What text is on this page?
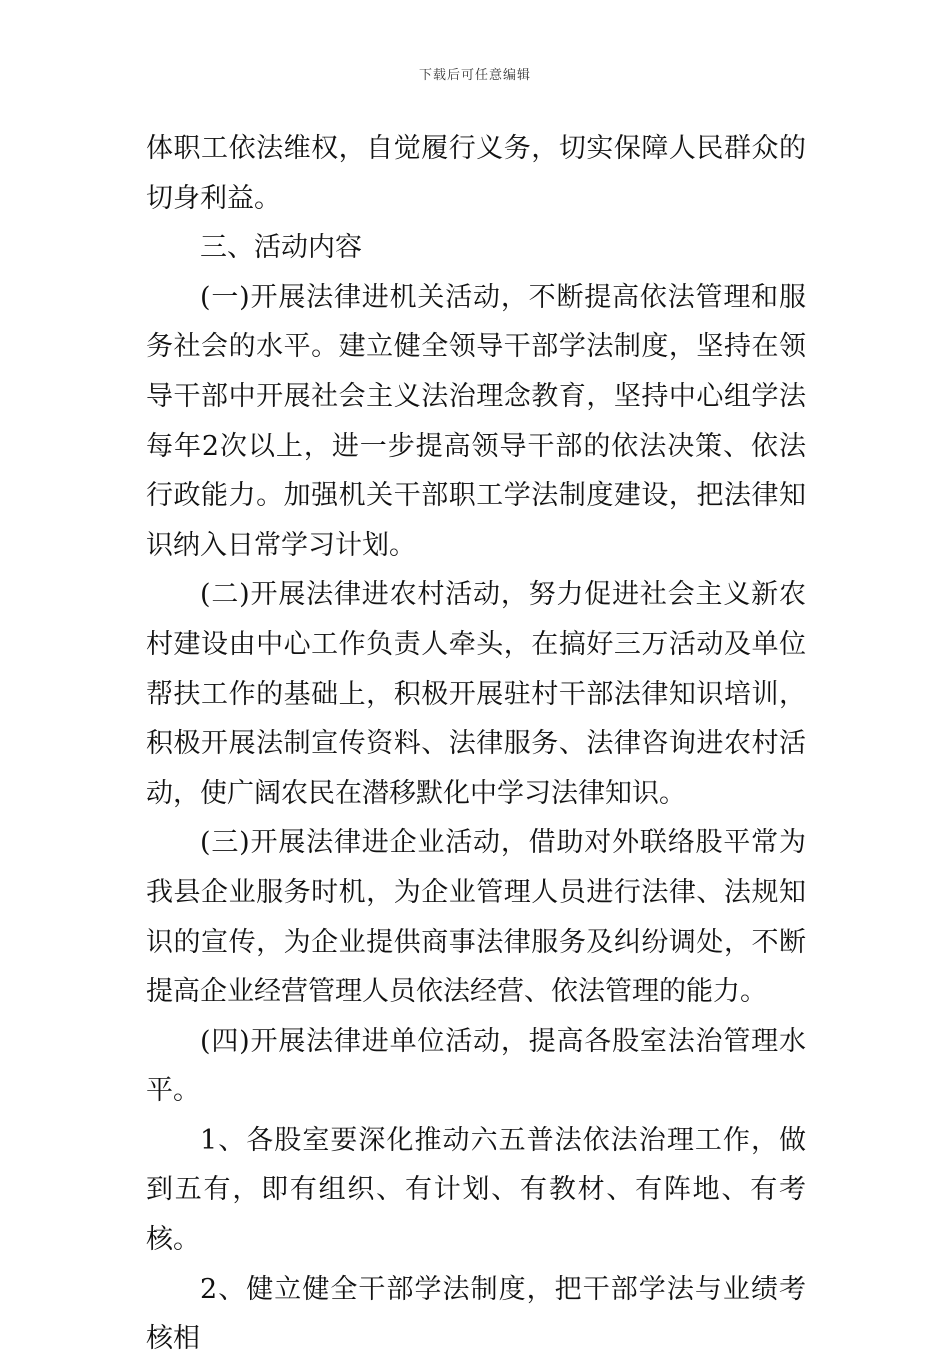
下载后可任意编辑

体职工依法维权，自觉履行义务，切实保障人民群众的切身利益。

三、活动内容

(一)开展法律进机关活动，不断提高依法管理和服务社会的水平。建立健全领导干部学法制度，坚持在领导干部中开展社会主义法治理念教育，坚持中心组学法每年2次以上，进一步提高领导干部的依法决策、依法行政能力。加强机关干部职工学法制度建设，把法律知识纳入日常学习计划。

(二)开展法律进农村活动，努力促进社会主义新农村建设由中心工作负责人牵头，在搞好三万活动及单位帮扶工作的基础上，积极开展驻村干部法律知识培训，积极开展法制宣传资料、法律服务、法律咨询进农村活动，使广阔农民在潜移默化中学习法律知识。

(三)开展法律进企业活动，借助对外联络股平常为我县企业服务时机，为企业管理人员进行法律、法规知识的宣传，为企业提供商事法律服务及纠纷调处，不断提高企业经营管理人员依法经营、依法管理的能力。

(四)开展法律进单位活动，提高各股室法治管理水平。

1、各股室要深化推动六五普法依法治理工作，做到五有，即有组织、有计划、有教材、有阵地、有考核。

2、健立健全干部学法制度，把干部学法与业绩考核相
